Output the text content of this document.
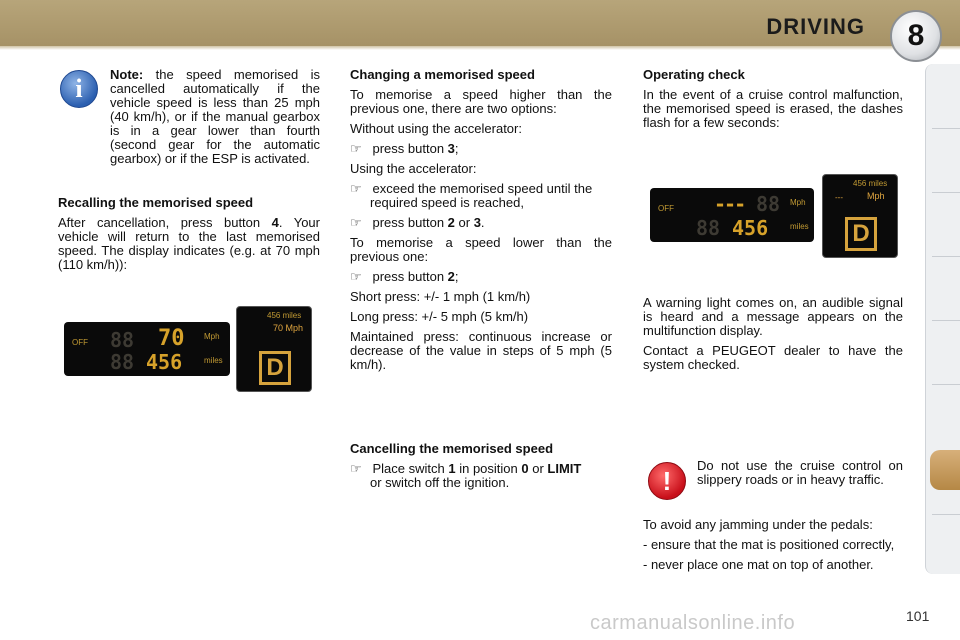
DRIVING	8
i	Note: the speed memorised is cancelled automatically if the vehicle speed is less than 25 mph (40 km/h), or if the manual gearbox is in a gear lower than fourth (second gear for the automatic gearbox) or if the ESP is activated.

Recalling the memorised speed

After cancellation, press button 4. Your vehicle will return to the last memorised speed. The display indicates (e.g. at 70 mph (110 km/h)):

OFF 88 70 Mph
88 456	miles
456 miles
70 Mph
D
Changing a memorised speed

To memorise a speed higher than the previous one, there are two options:

Without using the accelerator:

☞   press button 3;

Using the accelerator:

☞   exceed the memorised speed until the required speed is reached,

☞   press button 2 or 3.

To memorise a speed lower than the previous one:

☞   press button 2;

Short press: +/- 1 mph (1 km/h)

Long press: +/- 5 mph (5 km/h)

Maintained press: continuous increase or decrease of the value in steps of 5 mph (5 km/h).

Cancelling the memorised speed

☞   Place switch 1 in position 0 or LIMIT
or switch off the ignition.

Operating check

In the event of a cruise control malfunction, the memorised speed is erased, the dashes flash for a few seconds:

OFF --- 88 Mph
88 456	miles
456 miles
Mph
---
D

A warning light comes on, an audible signal is heard and a message appears on the multifunction display.

Contact a PEUGEOT dealer to have the system checked.

!

Do not use the cruise control on slippery roads or in heavy traffic.

To avoid any jamming under the pedals:

- ensure that the mat is positioned correctly,

- never place one mat on top of another.

carmanualsonline.info	101
